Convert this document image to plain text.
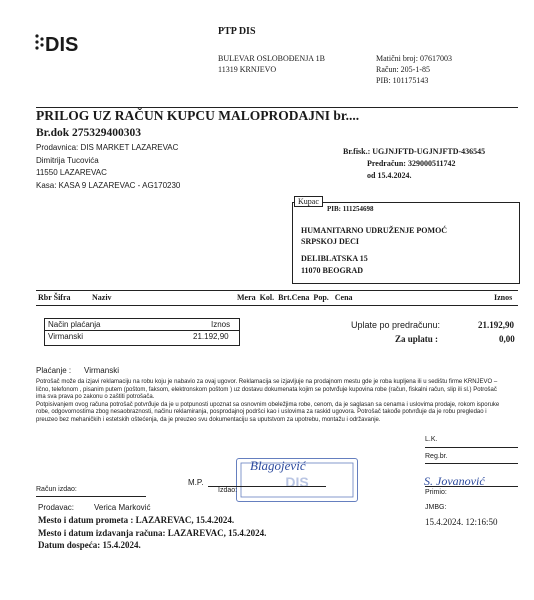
DIS
PTP DIS
BULEVAR OSLOBOĐENJA 1B
11319 KRNJEVO
Matični broj: 07617003
Račun: 205-1-85
PIB: 101175143
PRILOG UZ RAČUN KUPCU MALOPRODAJNI br....
Br.dok 275329400303
Prodavnica: DIS MARKET LAZAREVAC
Dimitrija Tucovića
11550 LAZAREVAC
Kasa: KASA 9 LAZAREVAC - AG170230
Br.fisk.: UGJNJFTD-UGJNJFTD-436545
Predračun: 329000511742
od 15.4.2024.
Kupac
PIB: 111254698
HUMANITARNO UDRUŽENJE POMOĆ
SRPSKOJ DECI
DELIBLATSKA 15
11070 BEOGRAD
Rbr Šifra	Naziv	Mera  Kol.  Brt.Cena  Pop.   Cena	Iznos
Način plaćanja	Iznos
Virmanski	21.192,90
Uplate po predračunu:	21.192,90
Za uplatu :	0,00
Plaćanje : Virmanski

Potrošač može da izjavi reklamaciju na robu koju je nabavio za ovaj ugovor. Reklamacija se izjavljuje na prodajnom mestu gde je roba kupljena ili u sedištu firme KRNJEVO – lično, telefonom , pisanim putem (poštom, faksom, elektronskom poštom ) uz dostavu dokumenata kojim se potvrđuje kupovina robe (račun, fiskalni račun, slip ili sl.) Potrošač ima sva prava po zakonu o zaštiti potrošača.

Potpisivanjem ovog računa potrošač potvrđuje da je u potpunosti upoznat sa osnovnim obeležjima robe, cenom, da je saglasan sa cenama i uslovima prodaje, rokom isporuke robe, odgovornostima zbog nesaobraznosti, načinu reklamiranja, posprodajnoj podršci kao i uslovima za raskid ugovora. Potrošač takođe potvrđuje da je robu pregledao i preuzeo bez mehaničkih i estetskih oštećenja, da je preuzeo svu dokumentaciju sa uputstvom za upotrebu, montažu i održavanje.

L.K.
Reg.br.
DIS
Blagojević
M.P.	S. Jovanović
Račun izdao:	Izdao:	Primio:
Prodavac: Verica Marković	JMBG:
Mesto i datum prometa : LAZAREVAC, 15.4.2024.	15.4.2024. 12:16:50
Mesto i datum izdavanja računa: LAZAREVAC, 15.4.2024.
Datum dospeća: 15.4.2024.
